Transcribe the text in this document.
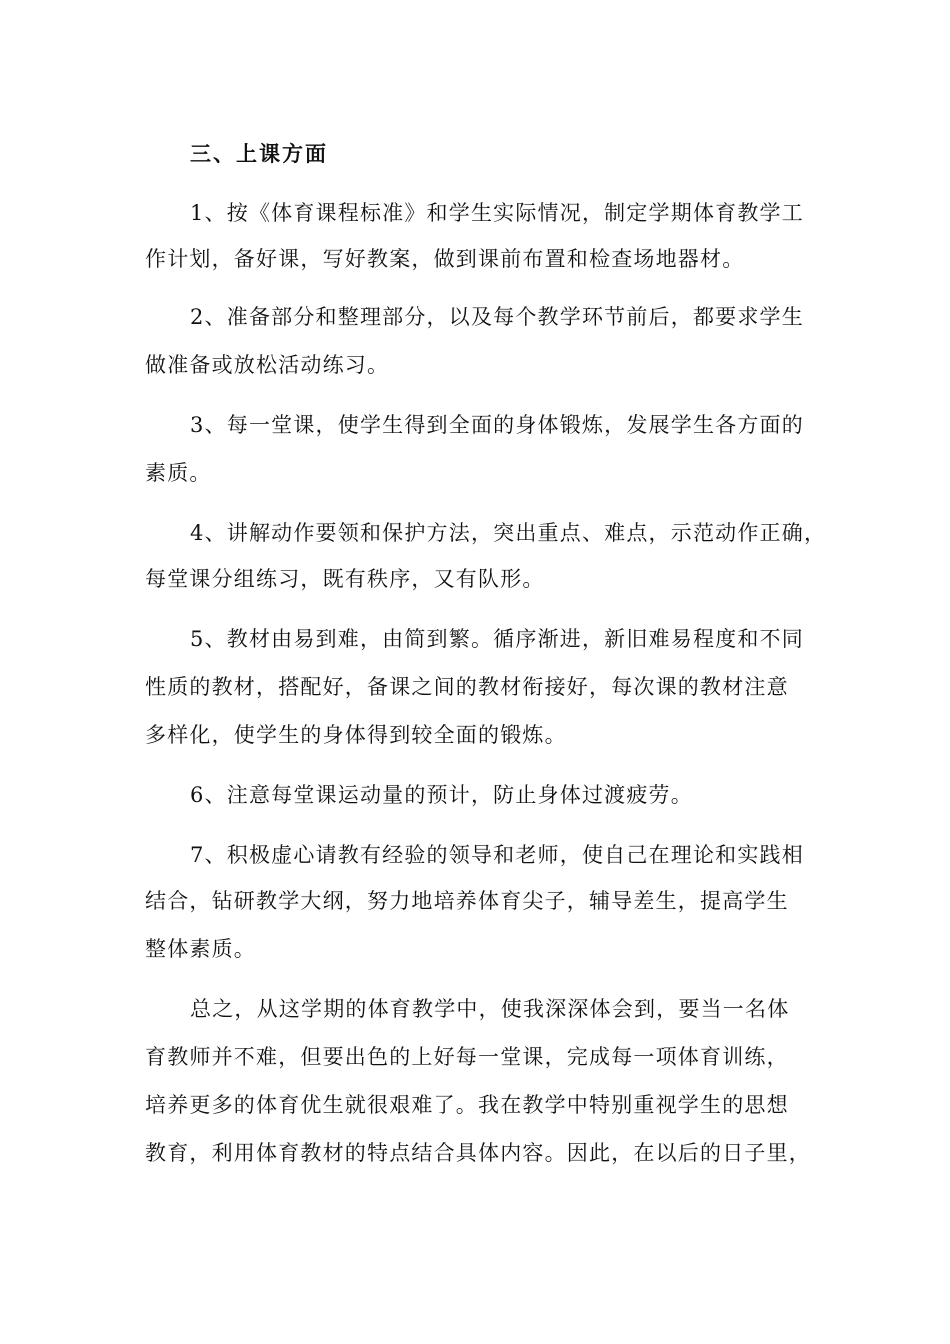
三、上课方面
1、按《体育课程标准》和学生实际情况，制定学期体育教学工
作计划，备好课，写好教案，做到课前布置和检查场地器材。
2、准备部分和整理部分，以及每个教学环节前后，都要求学生
做准备或放松活动练习。
3、每一堂课，使学生得到全面的身体锻炼，发展学生各方面的
素质。
4、讲解动作要领和保护方法，突出重点、难点，示范动作正确，
每堂课分组练习，既有秩序，又有队形。
5、教材由易到难，由简到繁。循序渐进，新旧难易程度和不同
性质的教材，搭配好，备课之间的教材衔接好，每次课的教材注意
多样化，使学生的身体得到较全面的锻炼。
6、注意每堂课运动量的预计，防止身体过渡疲劳。
7、积极虚心请教有经验的领导和老师，使自己在理论和实践相
结合，钻研教学大纲，努力地培养体育尖子，辅导差生，提高学生
整体素质。
总之，从这学期的体育教学中，使我深深体会到，要当一名体
育教师并不难，但要出色的上好每一堂课，完成每一项体育训练，
培养更多的体育优生就很艰难了。我在教学中特别重视学生的思想
教育，利用体育教材的特点结合具体内容。因此，在以后的日子里，
